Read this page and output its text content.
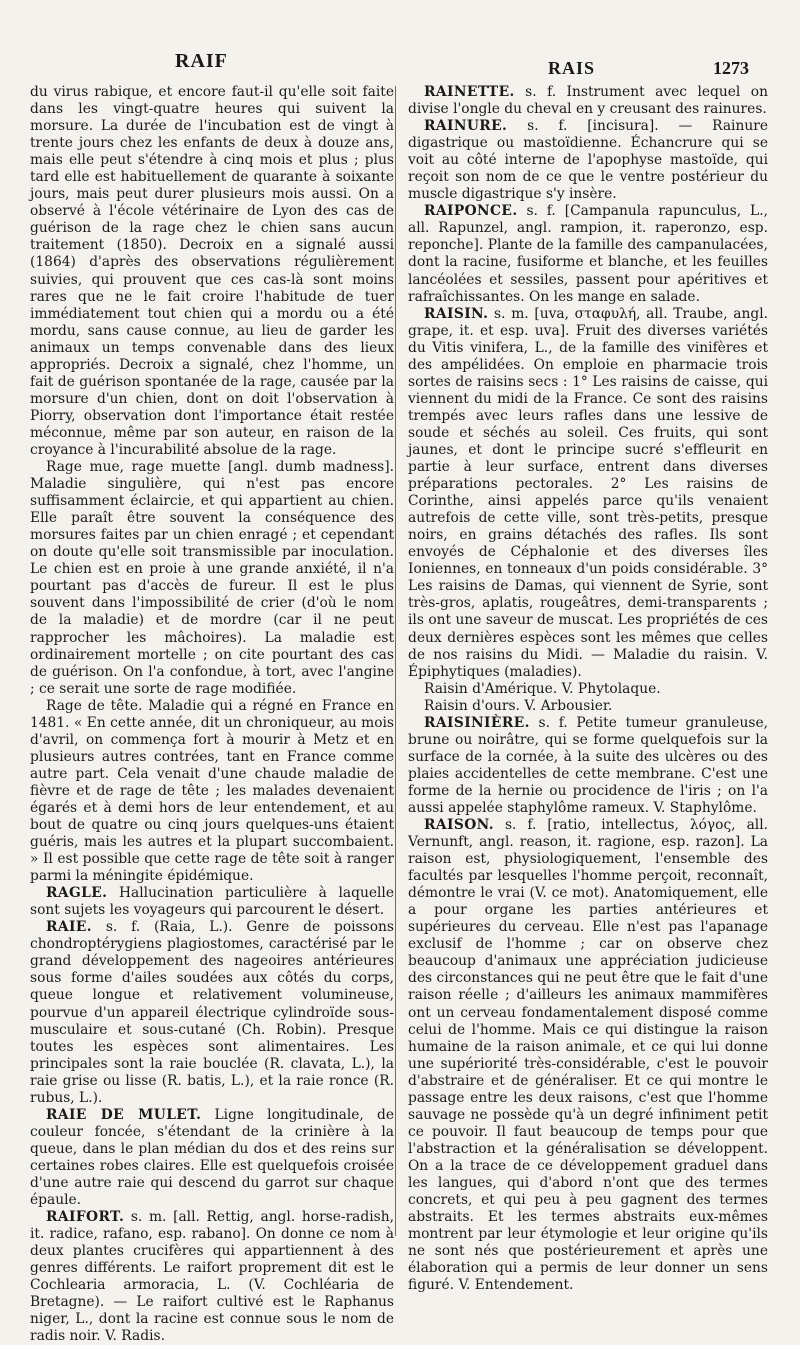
RAIF	RAIS	1273

du virus rabique, et encore faut-il qu'elle soit faite dans les vingt-quatre heures qui suivent la morsure. La durée de l'incubation est de vingt à trente jours chez les enfants de deux à douze ans, mais elle peut s'étendre à cinq mois et plus ; plus tard elle est habituellement de quarante à soixante jours, mais peut durer plusieurs mois aussi. On a observé à l'école vétérinaire de Lyon des cas de guérison de la rage chez le chien sans aucun traitement (1850). Decroix en a signalé aussi (1864) d'après des observations régulièrement suivies, qui prouvent que ces cas-là sont moins rares que ne le fait croire l'habitude de tuer immédiatement tout chien qui a mordu ou a été mordu, sans cause connue, au lieu de garder les animaux un temps convenable dans des lieux appropriés. Decroix a signalé, chez l'homme, un fait de guérison spontanée de la rage, causée par la morsure d'un chien, dont on doit l'observation à Piorry, observation dont l'importance était restée méconnue, même par son auteur, en raison de la croyance à l'incurabilité absolue de la rage.

Rage mue, rage muette [angl. dumb madness]. Maladie singulière, qui n'est pas encore suffisamment éclaircie, et qui appartient au chien. Elle paraît être souvent la conséquence des morsures faites par un chien enragé ; et cependant on doute qu'elle soit transmissible par inoculation. Le chien est en proie à une grande anxiété, il n'a pourtant pas d'accès de fureur. Il est le plus souvent dans l'impossibilité de crier (d'où le nom de la maladie) et de mordre (car il ne peut rapprocher les mâchoires). La maladie est ordinairement mortelle ; on cite pourtant des cas de guérison. On l'a confondue, à tort, avec l'angine ; ce serait une sorte de rage modifiée.

Rage de tête. Maladie qui a régné en France en 1481. « En cette année, dit un chroniqueur, au mois d'avril, on commença fort à mourir à Metz et en plusieurs autres contrées, tant en France comme autre part. Cela venait d'une chaude maladie de fièvre et de rage de tête ; les malades devenaient égarés et à demi hors de leur entendement, et au bout de quatre ou cinq jours quelques-uns étaient guéris, mais les autres et la plupart succombaient. » Il est possible que cette rage de tête soit à ranger parmi la méningite épidémique.

RAGLE. Hallucination particulière à laquelle sont sujets les voyageurs qui parcourent le désert.

RAIE. s. f. (Raia, L.). Genre de poissons chondroptérygiens plagiostomes, caractérisé par le grand développement des nageoires antérieures sous forme d'ailes soudées aux côtés du corps, queue longue et relativement volumineuse, pourvue d'un appareil électrique cylindroïde sous-musculaire et sous-cutané (Ch. Robin). Presque toutes les espèces sont alimentaires. Les principales sont la raie bouclée (R. clavata, L.), la raie grise ou lisse (R. batis, L.), et la raie ronce (R. rubus, L.).

RAIE DE MULET. Ligne longitudinale, de couleur foncée, s'étendant de la crinière à la queue, dans le plan médian du dos et des reins sur certaines robes claires. Elle est quelquefois croisée d'une autre raie qui descend du garrot sur chaque épaule.

RAIFORT. s. m. [all. Rettig, angl. horse-radish, it. radice, rafano, esp. rabano]. On donne ce nom à deux plantes crucifères qui appartiennent à des genres différents. Le raifort proprement dit est le Cochlearia armoracia, L. (V. Cochléaria de Bretagne). — Le raifort cultivé est le Raphanus niger, L., dont la racine est connue sous le nom de radis noir. V. Radis.

RAINETTE. s. f. Instrument avec lequel on divise l'ongle du cheval en y creusant des rainures.

RAINURE. s. f. [incisura]. — Rainure digastrique ou mastoïdienne. Échancrure qui se voit au côté interne de l'apophyse mastoïde, qui reçoit son nom de ce que le ventre postérieur du muscle digastrique s'y insère.

RAIPONCE. s. f. [Campanula rapunculus, L., all. Rapunzel, angl. rampion, it. raperonzo, esp. reponche]. Plante de la famille des campanulacées, dont la racine, fusiforme et blanche, et les feuilles lancéolées et sessiles, passent pour apéritives et rafraîchissantes. On les mange en salade.

RAISIN. s. m. [uva, σταφυλή, all. Traube, angl. grape, it. et esp. uva]. Fruit des diverses variétés du Vitis vinifera, L., de la famille des vinifères et des ampélidées. On emploie en pharmacie trois sortes de raisins secs : 1° Les raisins de caisse, qui viennent du midi de la France. Ce sont des raisins trempés avec leurs rafles dans une lessive de soude et séchés au soleil. Ces fruits, qui sont jaunes, et dont le principe sucré s'effleurit en partie à leur surface, entrent dans diverses préparations pectorales. 2° Les raisins de Corinthe, ainsi appelés parce qu'ils venaient autrefois de cette ville, sont très-petits, presque noirs, en grains détachés des rafles. Ils sont envoyés de Céphalonie et des diverses îles Ioniennes, en tonneaux d'un poids considérable. 3° Les raisins de Damas, qui viennent de Syrie, sont très-gros, aplatis, rougeâtres, demi-transparents ; ils ont une saveur de muscat. Les propriétés de ces deux dernières espèces sont les mêmes que celles de nos raisins du Midi. — Maladie du raisin. V. Épiphytiques (maladies).

Raisin d'Amérique. V. Phytolaque.

Raisin d'ours. V. Arbousier.

RAISINIÈRE. s. f. Petite tumeur granuleuse, brune ou noirâtre, qui se forme quelquefois sur la surface de la cornée, à la suite des ulcères ou des plaies accidentelles de cette membrane. C'est une forme de la hernie ou procidence de l'iris ; on l'a aussi appelée staphylôme rameux. V. Staphylôme.

RAISON. s. f. [ratio, intellectus, λόγος, all. Vernunft, angl. reason, it. ragione, esp. razon]. La raison est, physiologiquement, l'ensemble des facultés par lesquelles l'homme perçoit, reconnaît, démontre le vrai (V. ce mot). Anatomiquement, elle a pour organe les parties antérieures et supérieures du cerveau. Elle n'est pas l'apanage exclusif de l'homme ; car on observe chez beaucoup d'animaux une appréciation judicieuse des circonstances qui ne peut être que le fait d'une raison réelle ; d'ailleurs les animaux mammifères ont un cerveau fondamentalement disposé comme celui de l'homme. Mais ce qui distingue la raison humaine de la raison animale, et ce qui lui donne une supériorité très-considérable, c'est le pouvoir d'abstraire et de généraliser. Et ce qui montre le passage entre les deux raisons, c'est que l'homme sauvage ne possède qu'à un degré infiniment petit ce pouvoir. Il faut beaucoup de temps pour que l'abstraction et la généralisation se développent. On a la trace de ce développement graduel dans les langues, qui d'abord n'ont que des termes concrets, et qui peu à peu gagnent des termes abstraits. Et les termes abstraits eux-mêmes montrent par leur étymologie et leur origine qu'ils ne sont nés que postérieurement et après une élaboration qui a permis de leur donner un sens figuré. V. Entendement.
